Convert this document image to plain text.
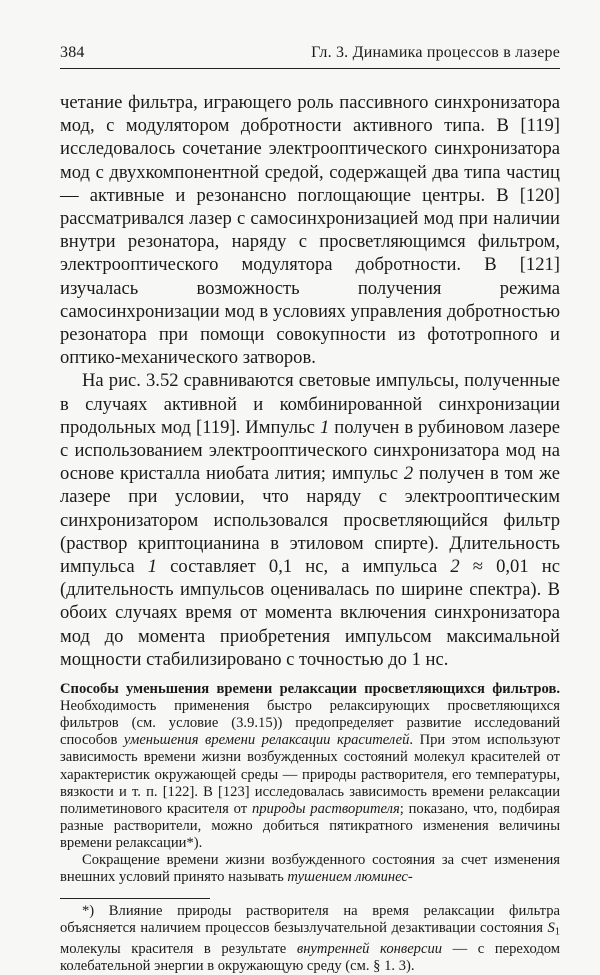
384	Гл. 3. Динамика процессов в лазере

четание фильтра, играющего роль пассивного синхронизатора мод, с модулятором добротности активного типа. В [119] исследовалось сочетание электрооптического синхронизатора мод с двухкомпонентной средой, содержащей два типа частиц — активные и резонансно поглощающие центры. В [120] рассматривался лазер с самосинхронизацией мод при наличии внутри резонатора, наряду с просветляющимся фильтром, электрооптического модулятора добротности. В [121] изучалась возможность получения режима самосинхронизации мод в условиях управления добротностью резонатора при помощи совокупности из фототропного и оптико-механического затворов.

На рис. 3.52 сравниваются световые импульсы, полученные в случаях активной и комбинированной синхронизации продольных мод [119]. Импульс 1 получен в рубиновом лазере с использованием электрооптического синхронизатора мод на основе кристалла ниобата лития; импульс 2 получен в том же лазере при условии, что наряду с электрооптическим синхронизатором использовался просветляющийся фильтр (раствор криптоцианина в этиловом спирте). Длительность импульса 1 составляет 0,1 нс, а импульса 2 ≈ 0,01 нс (длительность импульсов оценивалась по ширине спектра). В обоих случаях время от момента включения синхронизатора мод до момента приобретения импульсом максимальной мощности стабилизировано с точностью до 1 нс.

Способы уменьшения времени релаксации просветляющихся фильтров. Необходимость применения быстро релаксирующих просветляющихся фильтров (см. условие (3.9.15)) предопределяет развитие исследований способов уменьшения времени релаксации красителей. При этом используют зависимость времени жизни возбужденных состояний молекул красителей от характеристик окружающей среды — природы растворителя, его температуры, вязкости и т. п. [122]. В [123] исследовалась зависимость времени релаксации полиметинового красителя от природы растворителя; показано, что, подбирая разные растворители, можно добиться пятикратного изменения величины времени релаксации*).

Сокращение времени жизни возбужденного состояния за счет изменения внешних условий принято называть тушением люминес-

*) Влияние природы растворителя на время релаксации фильтра объясняется наличием процессов безызлучательной дезактивации состояния $S_1$ молекулы красителя в результате внутренней конверсии — с переходом колебательной энергии в окружающую среду (см. § 1. 3).
